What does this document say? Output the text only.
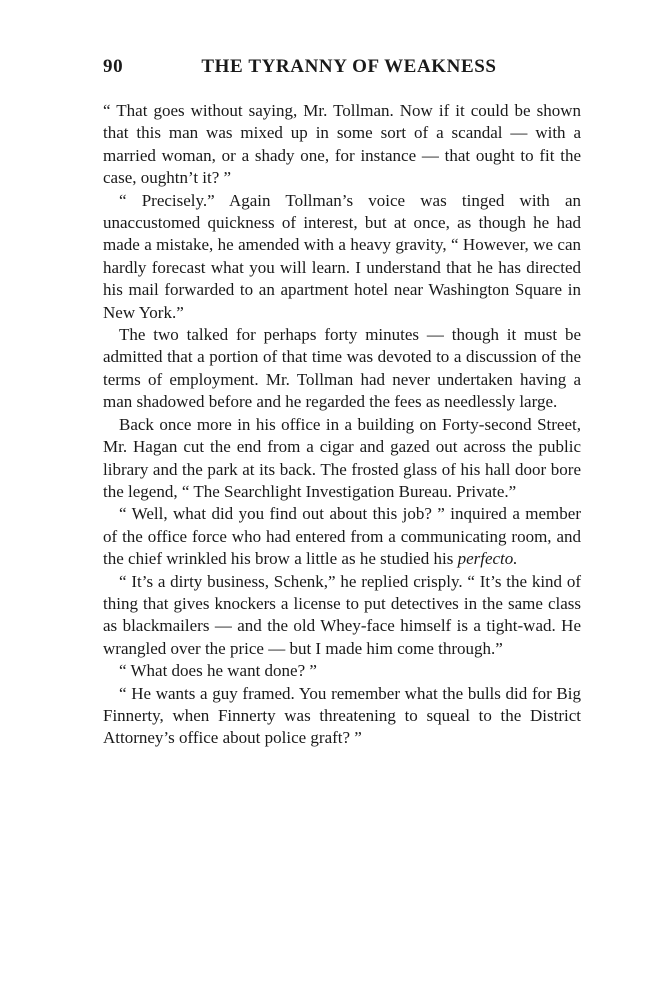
90	THE TYRANNY OF WEAKNESS

“ That goes without saying, Mr. Tollman. Now if it could be shown that this man was mixed up in some sort of a scandal — with a married woman, or a shady one, for instance — that ought to fit the case, oughtn’t it? ”

“ Precisely.” Again Tollman’s voice was tinged with an unaccustomed quickness of interest, but at once, as though he had made a mistake, he amended with a heavy gravity, “ However, we can hardly forecast what you will learn. I understand that he has directed his mail forwarded to an apartment hotel near Washington Square in New York.”

The two talked for perhaps forty minutes — though it must be admitted that a portion of that time was devoted to a discussion of the terms of employment. Mr. Tollman had never undertaken having a man shadowed before and he regarded the fees as needlessly large.

Back once more in his office in a building on Forty-second Street, Mr. Hagan cut the end from a cigar and gazed out across the public library and the park at its back. The frosted glass of his hall door bore the legend, “ The Searchlight Investigation Bureau. Private.”

“ Well, what did you find out about this job? ” inquired a member of the office force who had entered from a communicating room, and the chief wrinkled his brow a little as he studied his perfecto.

“ It’s a dirty business, Schenk,” he replied crisply. “ It’s the kind of thing that gives knockers a license to put detectives in the same class as blackmailers — and the old Whey-face himself is a tight-wad. He wrangled over the price — but I made him come through.”

“ What does he want done? ”

“ He wants a guy framed. You remember what the bulls did for Big Finnerty, when Finnerty was threatening to squeal to the District Attorney’s office about police graft? ”
